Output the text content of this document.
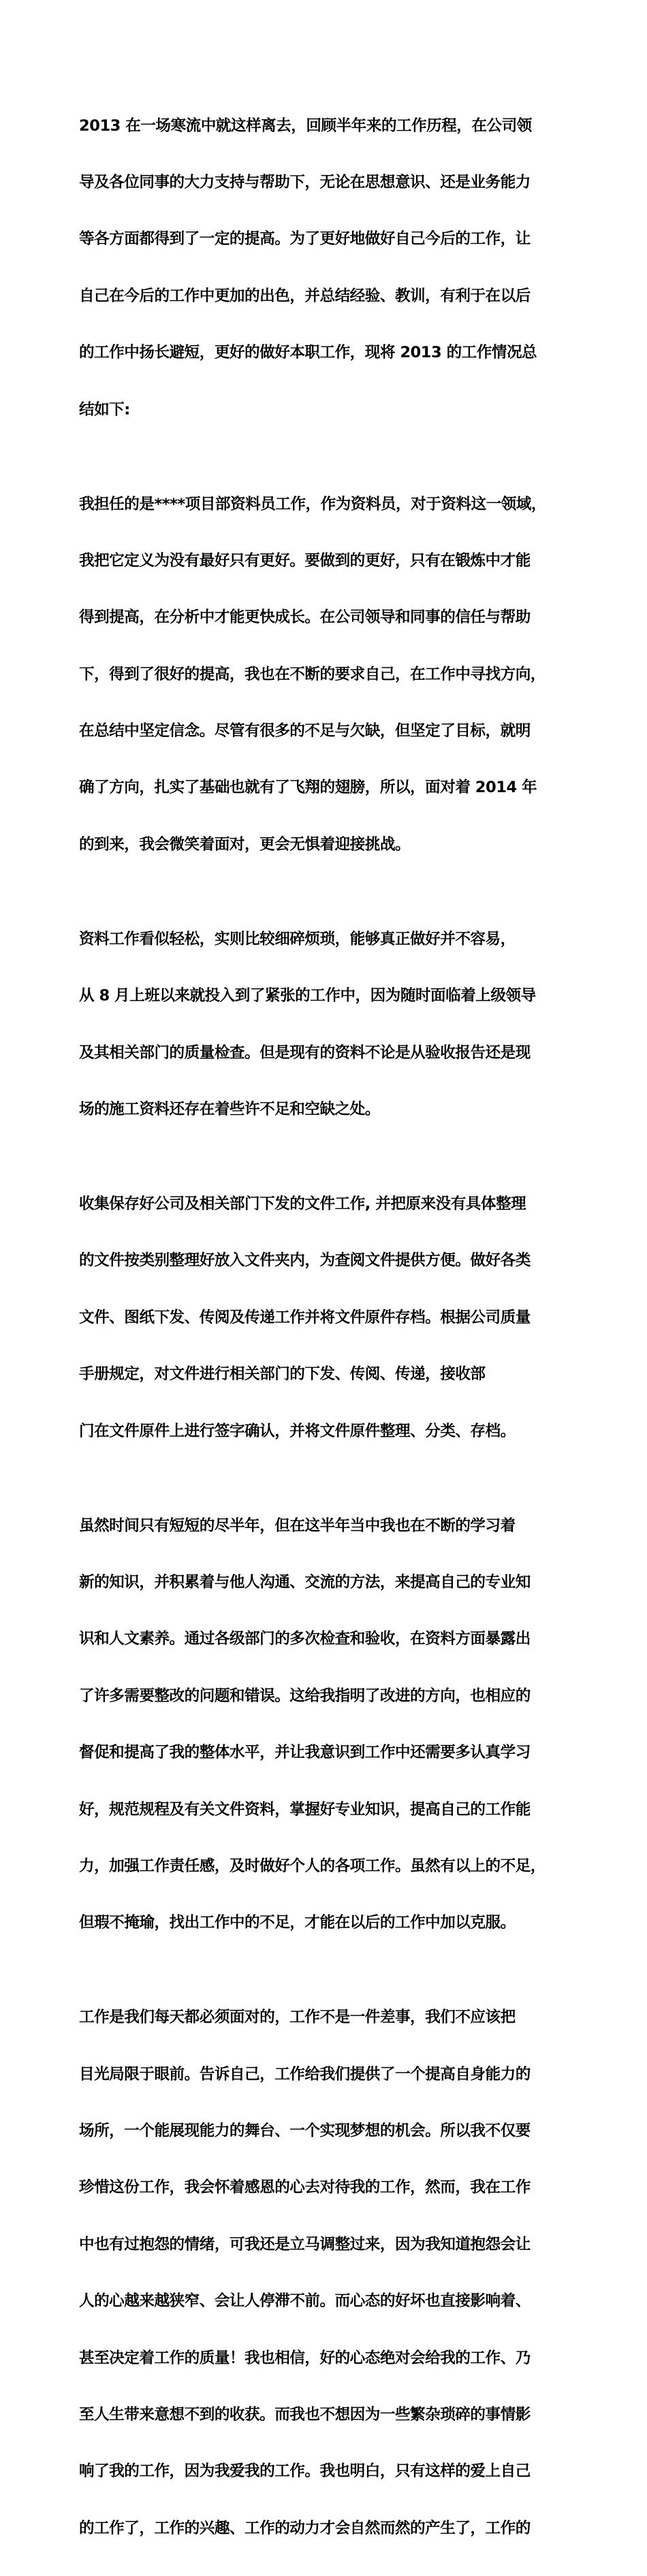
2013 在一场寒流中就这样离去，回顾半年来的工作历程，在公司领

导及各位同事的大力支持与帮助下，无论在思想意识、还是业务能力

等各方面都得到了一定的提高。为了更好地做好自己今后的工作，让

自己在今后的工作中更加的出色，并总结经验、教训，有利于在以后

的工作中扬长避短，更好的做好本职工作，现将 2013 的工作情况总

结如下:

我担任的是****项目部资料员工作，作为资料员，对于资料这一领域，

我把它定义为没有最好只有更好。要做到的更好，只有在锻炼中才能

得到提高，在分析中才能更快成长。在公司领导和同事的信任与帮助

下，得到了很好的提高，我也在不断的要求自己，在工作中寻找方向，

在总结中坚定信念。尽管有很多的不足与欠缺，但坚定了目标，就明

确了方向，扎实了基础也就有了飞翔的翅膀，所以，面对着 2014 年

的到来，我会微笑着面对，更会无惧着迎接挑战。

资料工作看似轻松，实则比较细碎烦琐，能够真正做好并不容易，

从 8 月上班以来就投入到了紧张的工作中，因为随时面临着上级领导

及其相关部门的质量检查。但是现有的资料不论是从验收报告还是现

场的施工资料还存在着些许不足和空缺之处。

收集保存好公司及相关部门下发的文件工作, 并把原来没有具体整理

的文件按类别整理好放入文件夹内，为查阅文件提供方便。做好各类

文件、图纸下发、传阅及传递工作并将文件原件存档。根据公司质量

手册规定，对文件进行相关部门的下发、传阅、传递，接收部

门在文件原件上进行签字确认，并将文件原件整理、分类、存档。

虽然时间只有短短的尽半年，但在这半年当中我也在不断的学习着

新的知识，并积累着与他人沟通、交流的方法，来提高自己的专业知

识和人文素养。通过各级部门的多次检查和验收，在资料方面暴露出

了许多需要整改的问题和错误。这给我指明了改进的方向，也相应的

督促和提高了我的整体水平，并让我意识到工作中还需要多认真学习

好，规范规程及有关文件资料，掌握好专业知识，提高自己的工作能

力，加强工作责任感，及时做好个人的各项工作。虽然有以上的不足，

但瑕不掩瑜，找出工作中的不足，才能在以后的工作中加以克服。

工作是我们每天都必须面对的，工作不是一件差事，我们不应该把

目光局限于眼前。告诉自己，工作给我们提供了一个提高自身能力的

场所，一个能展现能力的舞台、一个实现梦想的机会。所以我不仅要

珍惜这份工作，我会怀着感恩的心去对待我的工作，然而，我在工作

中也有过抱怨的情绪，可我还是立马调整过来，因为我知道抱怨会让

人的心越来越狭窄、会让人停滞不前。而心态的好坏也直接影响着、

甚至决定着工作的质量！我也相信，好的心态绝对会给我的工作、乃

至人生带来意想不到的收获。而我也不想因为一些繁杂琐碎的事情影

响了我的工作，因为我爱我的工作。我也明白，只有这样的爱上自己

的工作了，工作的兴趣、工作的动力才会自然而然的产生了，工作的
